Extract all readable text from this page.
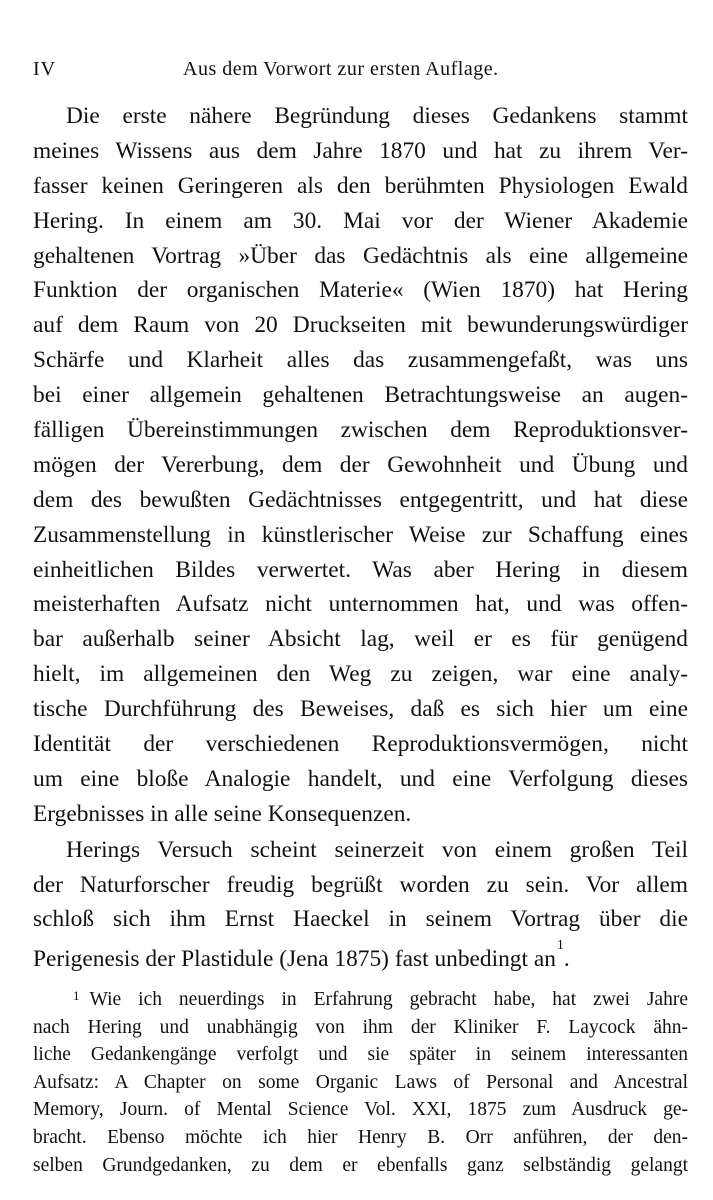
IV	Aus dem Vorwort zur ersten Auflage.
Die erste nähere Begründung dieses Gedankens stammt
meines Wissens aus dem Jahre 1870 und hat zu ihrem Ver-
fasser keinen Geringeren als den berühmten Physiologen Ewald
Hering. In einem am 30. Mai vor der Wiener Akademie
gehaltenen Vortrag »Über das Gedächtnis als eine allgemeine
Funktion der organischen Materie« (Wien 1870) hat Hering
auf dem Raum von 20 Druckseiten mit bewunderungswürdiger
Schärfe und Klarheit alles das zusammengefaßt, was uns
bei einer allgemein gehaltenen Betrachtungsweise an augen-
fälligen Übereinstimmungen zwischen dem Reproduktionsver-
mögen der Vererbung, dem der Gewohnheit und Übung und
dem des bewußten Gedächtnisses entgegentritt, und hat diese
Zusammenstellung in künstlerischer Weise zur Schaffung eines
einheitlichen Bildes verwertet. Was aber Hering in diesem
meisterhaften Aufsatz nicht unternommen hat, und was offen-
bar außerhalb seiner Absicht lag, weil er es für genügend
hielt, im allgemeinen den Weg zu zeigen, war eine analy-
tische Durchführung des Beweises, daß es sich hier um eine
Identität der verschiedenen Reproduktionsvermögen, nicht
um eine bloße Analogie handelt, und eine Verfolgung dieses
Ergebnisses in alle seine Konsequenzen.
Herings Versuch scheint seinerzeit von einem großen Teil
der Naturforscher freudig begrüßt worden zu sein. Vor allem
schloß sich ihm Ernst Haeckel in seinem Vortrag über die
Perigenesis der Plastidule (Jena 1875) fast unbedingt an$^1$.
$^1$ Wie ich neuerdings in Erfahrung gebracht habe, hat zwei Jahre
nach Hering und unabhängig von ihm der Kliniker F. Laycock ähn-
liche Gedankengänge verfolgt und sie später in seinem interessanten
Aufsatz: A Chapter on some Organic Laws of Personal and Ancestral
Memory, Journ. of Mental Science Vol. XXI, 1875 zum Ausdruck ge-
bracht. Ebenso möchte ich hier Henry B. Orr anführen, der den-
selben Grundgedanken, zu dem er ebenfalls ganz selbständig gelangt
